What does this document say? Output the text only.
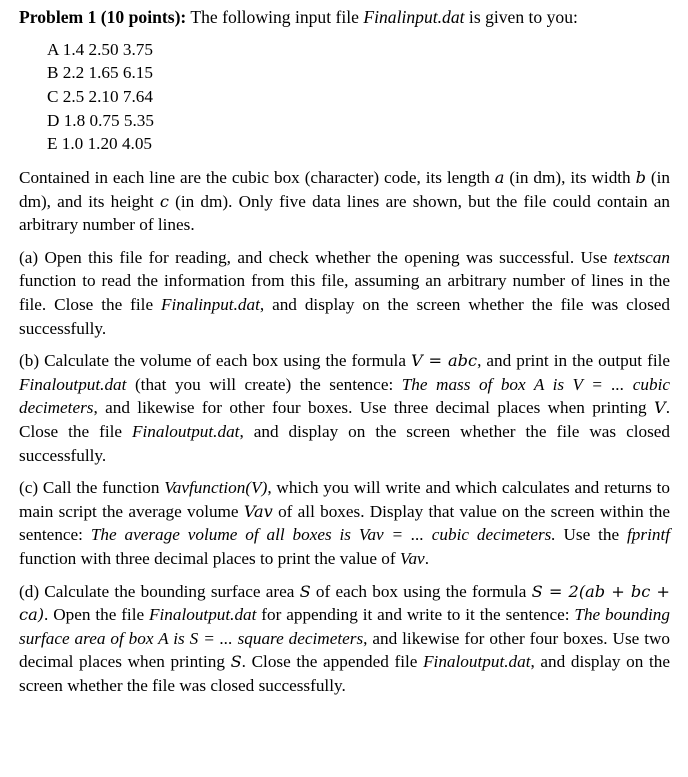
Problem 1 (10 points): The following input file Finalinput.dat is given to you:

A 1.4 2.50 3.75
B 2.2 1.65 6.15
C 2.5 2.10 7.64
D 1.8 0.75 5.35
E 1.0 1.20 4.05

Contained in each line are the cubic box (character) code, its length a (in dm), its width b (in dm), and its height c (in dm). Only five data lines are shown, but the file could contain an arbitrary number of lines.

(a) Open this file for reading, and check whether the opening was successful. Use textscan function to read the information from this file, assuming an arbitrary number of lines in the file. Close the file Finalinput.dat, and display on the screen whether the file was closed successfully.

(b) Calculate the volume of each box using the formula V = abc, and print in the output file Finaloutput.dat (that you will create) the sentence: The mass of box A is V = ... cubic decimeters, and likewise for other four boxes. Use three decimal places when printing V. Close the file Finaloutput.dat, and display on the screen whether the file was closed successfully.

(c) Call the function Vavfunction(V), which you will write and which calculates and returns to main script the average volume Vav of all boxes. Display that value on the screen within the sentence: The average volume of all boxes is Vav = ... cubic decimeters. Use the fprintf function with three decimal places to print the value of Vav.

(d) Calculate the bounding surface area S of each box using the formula S = 2(ab + bc + ca). Open the file Finaloutput.dat for appending it and write to it the sentence: The bounding surface area of box A is S = ... square decimeters, and likewise for other four boxes. Use two decimal places when printing S. Close the appended file Finaloutput.dat, and display on the screen whether the file was closed successfully.
